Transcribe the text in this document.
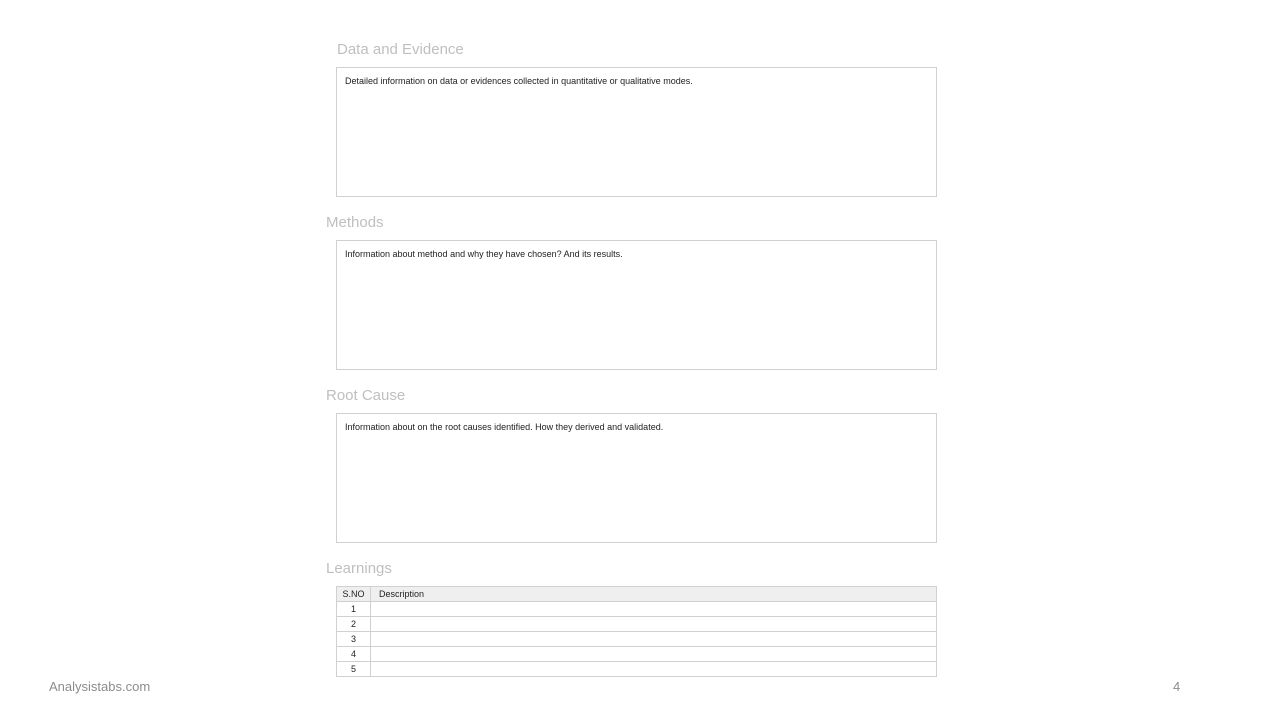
Data and Evidence
Detailed information on data or evidences collected in quantitative or qualitative modes.
Methods
Information about method and why they have chosen? And its results.
Root Cause
Information about on the root causes identified. How they derived and validated.
Learnings
S.NO	Description
1	
2	
3	
4	
5	
Analysistabs.com	4
